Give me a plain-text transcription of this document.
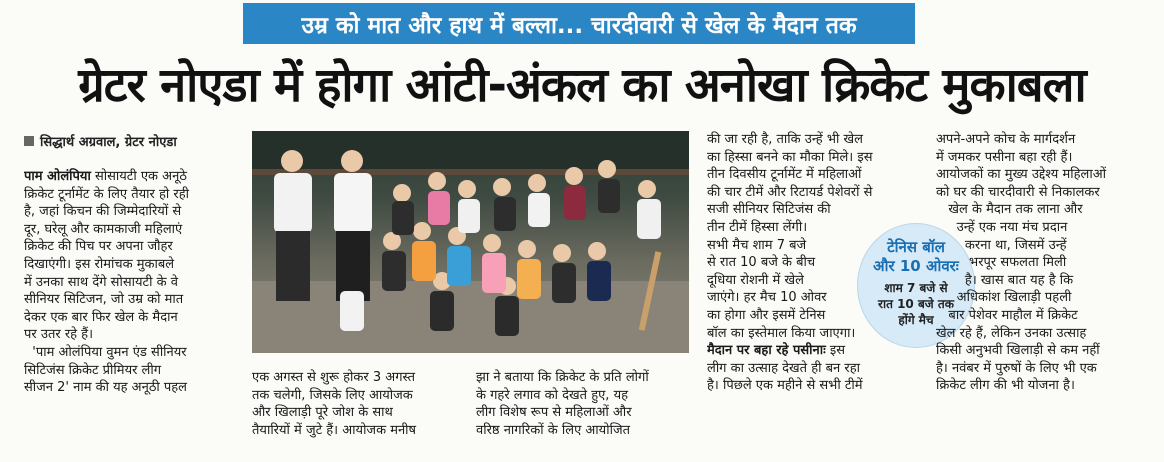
उम्र को मात और हाथ में बल्ला... चारदीवारी से खेल के मैदान तक
ग्रेटर नोएडा में होगा आंटी-अंकल का अनोखा क्रिकेट मुकाबला
सिद्धार्थ अग्रवाल, ग्रेटर नोएडा

पाम ओलंपिया सोसायटी एक अनूठे

क्रिकेट टूर्नामेंट के लिए तैयार हो रही

है, जहां किचन की जिम्मेदारियों से

दूर, घरेलू और कामकाजी महिलाएं

क्रिकेट की पिच पर अपना जौहर

दिखाएंगी। इस रोमांचक मुकाबले

में उनका साथ देंगे सोसायटी के वे

सीनियर सिटिजन, जो उम्र को मात

देकर एक बार फिर खेल के मैदान

पर उतर रहे हैं।

'पाम ओलंपिया वुमन एंड सीनियर

सिटिजंस क्रिकेट प्रीमियर लीग

सीजन 2' नाम की यह अनूठी पहल

एक अगस्त से शुरू होकर 3 अगस्त

तक चलेगी, जिसके लिए आयोजक

और खिलाड़ी पूरे जोश के साथ

तैयारियों में जुटे हैं। आयोजक मनीष

झा ने बताया कि क्रिकेट के प्रति लोगों

के गहरे लगाव को देखते हुए, यह

लीग विशेष रूप से महिलाओं और

वरिष्ठ नागरिकों के लिए आयोजित

की जा रही है, ताकि उन्हें भी खेल

का हिस्सा बनने का मौका मिले। इस

तीन दिवसीय टूर्नामेंट में महिलाओं

की चार टीमें और रिटायर्ड पेशेवरों से

सजी सीनियर सिटिजंस की

तीन टीमें हिस्सा लेंगी।

सभी मैच शाम 7 बजे

से रात 10 बजे के बीच

दूधिया रोशनी में खेले

जाएंगे। हर मैच 10 ओवर

का होगा और इसमें टेनिस

बॉल का इस्तेमाल किया जाएगा।

मैदान पर बहा रहे पसीनाः इस

लीग का उत्साह देखते ही बन रहा

है। पिछले एक महीने से सभी टीमें

टेनिस बॉल
और 10 ओवरः
शाम 7 बजे से
रात 10 बजे तक
होंगे मैच

अपने-अपने कोच के मार्गदर्शन

में जमकर पसीना बहा रही हैं।

आयोजकों का मुख्य उद्देश्य महिलाओं

को घर की चारदीवारी से निकालकर

खेल के मैदान तक लाना और

उन्हें एक नया मंच प्रदान

करना था, जिसमें उन्हें

भरपूर सफलता मिली

है। खास बात यह है कि

अधिकांश खिलाड़ी पहली

बार पेशेवर माहौल में क्रिकेट

खेल रहे हैं, लेकिन उनका उत्साह

किसी अनुभवी खिलाड़ी से कम नहीं

है। नवंबर में पुरुषों के लिए भी एक

क्रिकेट लीग की भी योजना है।
